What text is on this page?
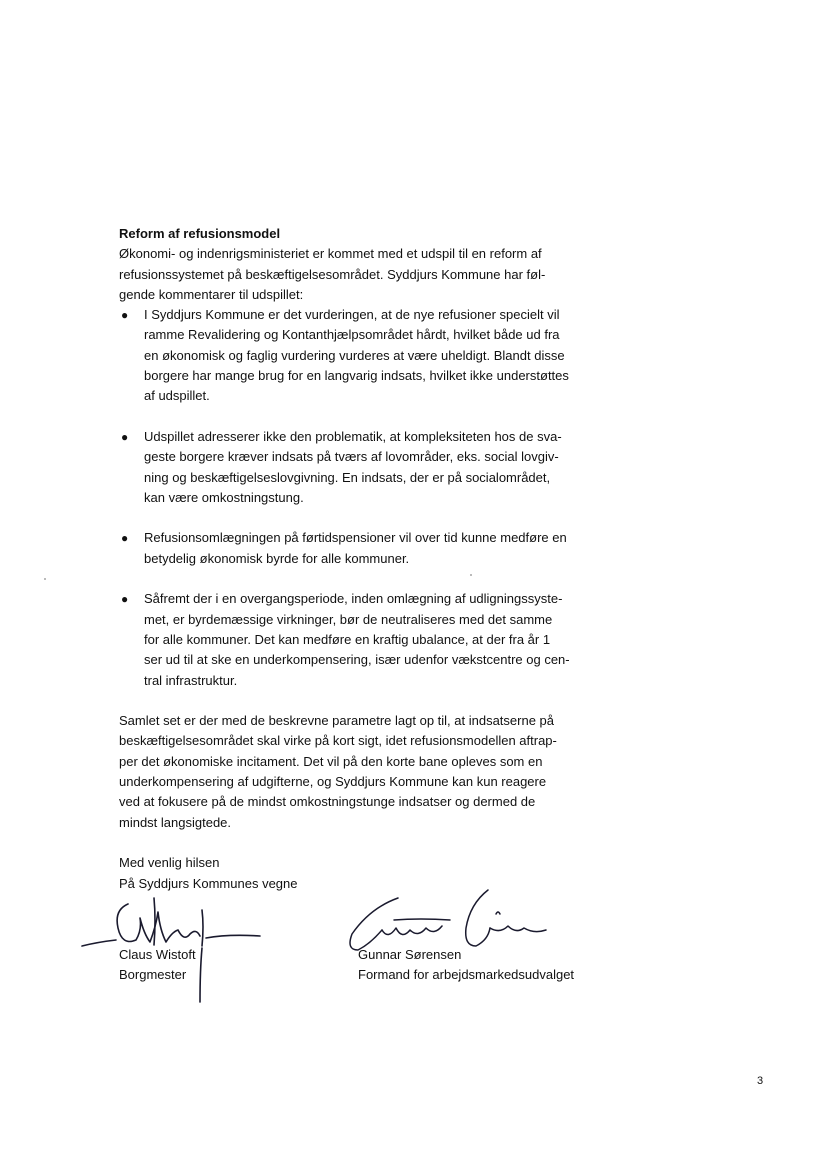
Reform af refusionsmodel
Økonomi- og indenrigsministeriet er kommet med et udspil til en reform af
refusionssystemet på beskæftigelsesområdet. Syddjurs Kommune har føl-
gende kommentarer til udspillet:
● I Syddjurs Kommune er det vurderingen, at de nye refusioner specielt vil
ramme Revalidering og Kontanthjælpsområdet hårdt, hvilket både ud fra
en økonomisk og faglig vurdering vurderes at være uheldigt. Blandt disse
borgere har mange brug for en langvarig indsats, hvilket ikke understøttes
af udspillet.
● Udspillet adresserer ikke den problematik, at kompleksiteten hos de sva-
geste borgere kræver indsats på tværs af lovområder, eks. social lovgiv-
ning og beskæftigelseslovgivning. En indsats, der er på socialområdet,
kan være omkostningstung.
● Refusionsomlægningen på førtidspensioner vil over tid kunne medføre en
betydelig økonomisk byrde for alle kommuner.
● Såfremt der i en overgangsperiode, inden omlægning af udligningssyste-
met, er byrdemæssige virkninger, bør de neutraliseres med det samme
for alle kommuner. Det kan medføre en kraftig ubalance, at der fra år 1
ser ud til at ske en underkompensering, især udenfor vækstcentre og cen-
tral infrastruktur.
Samlet set er der med de beskrevne parametre lagt op til, at indsatserne på
beskæftigelsesområdet skal virke på kort sigt, idet refusionsmodellen aftrap-
per det økonomiske incitament. Det vil på den korte bane opleves som en
underkompensering af udgifterne, og Syddjurs Kommune kan kun reagere
ved at fokusere på de mindst omkostningstunge indsatser og dermed de
mindst langsigtede.
Med venlig hilsen
På Syddjurs Kommunes vegne
Claus Wistoft
Borgmester
Gunnar Sørensen
Formand for arbejdsmarkedsudvalget
3
